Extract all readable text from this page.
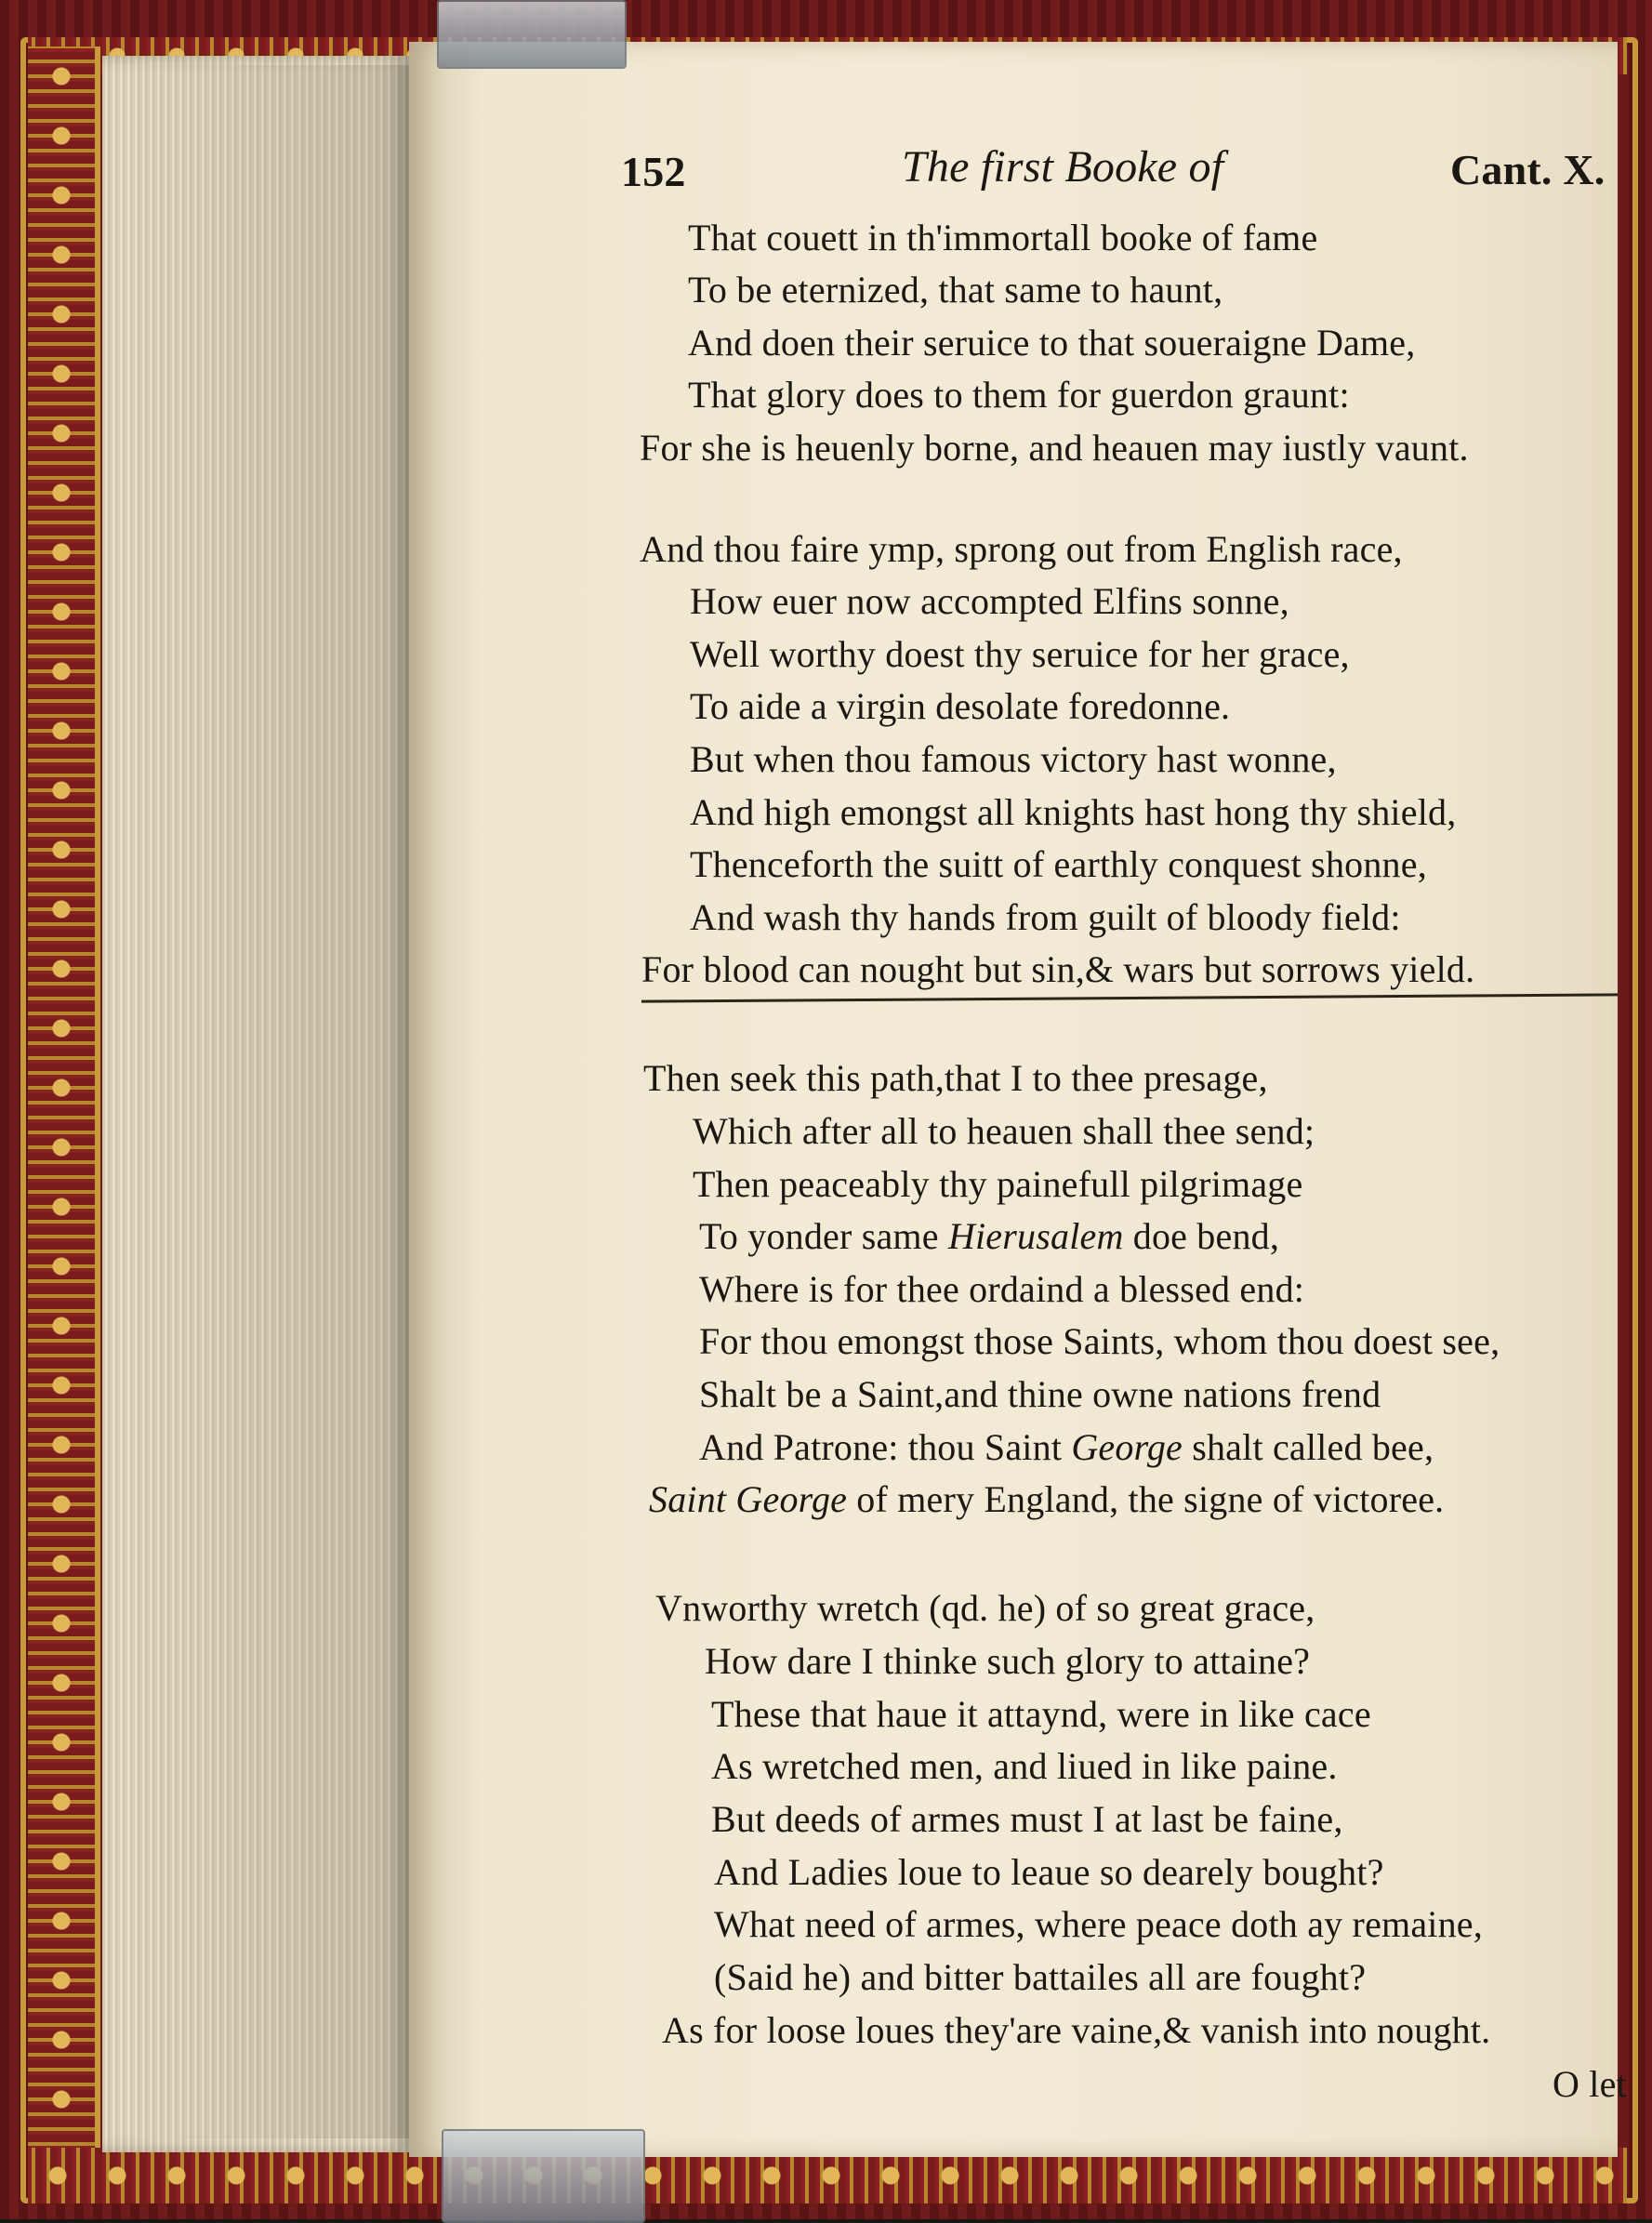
152	The first Booke of	Cant. X.
That couett in th'immortall booke of fame
To be eternized, that same to haunt,
And doen their seruice to that soueraigne Dame,
That glory does to them for guerdon graunt:
For she is heuenly borne, and heauen may iustly vaunt.
And thou faire ymp, sprong out from English race,
How euer now accompted Elfins sonne,
Well worthy doest thy seruice for her grace,
To aide a virgin desolate foredonne.
But when thou famous victory hast wonne,
And high emongst all knights hast hong thy shield,
Thenceforth the suitt of earthly conquest shonne,
And wash thy hands from guilt of bloody field:
For blood can nought but sin,& wars but sorrows yield.
Then seek this path,that I to thee presage,
Which after all to heauen shall thee send;
Then peaceably thy painefull pilgrimage
To yonder same Hierusalem doe bend,
Where is for thee ordaind a blessed end:
For thou emongst those Saints, whom thou doest see,
Shalt be a Saint,and thine owne nations frend
And Patrone: thou Saint George shalt called bee,
Saint George of mery England, the signe of victoree.
Vnworthy wretch (qd. he) of so great grace,
How dare I thinke such glory to attaine?
These that haue it attaynd, were in like cace
As wretched men, and liued in like paine.
But deeds of armes must I at last be faine,
And Ladies loue to leaue so dearely bought?
What need of armes, where peace doth ay remaine,
(Said he) and bitter battailes all are fought?
As for loose loues they'are vaine,& vanish into nought.
O let
